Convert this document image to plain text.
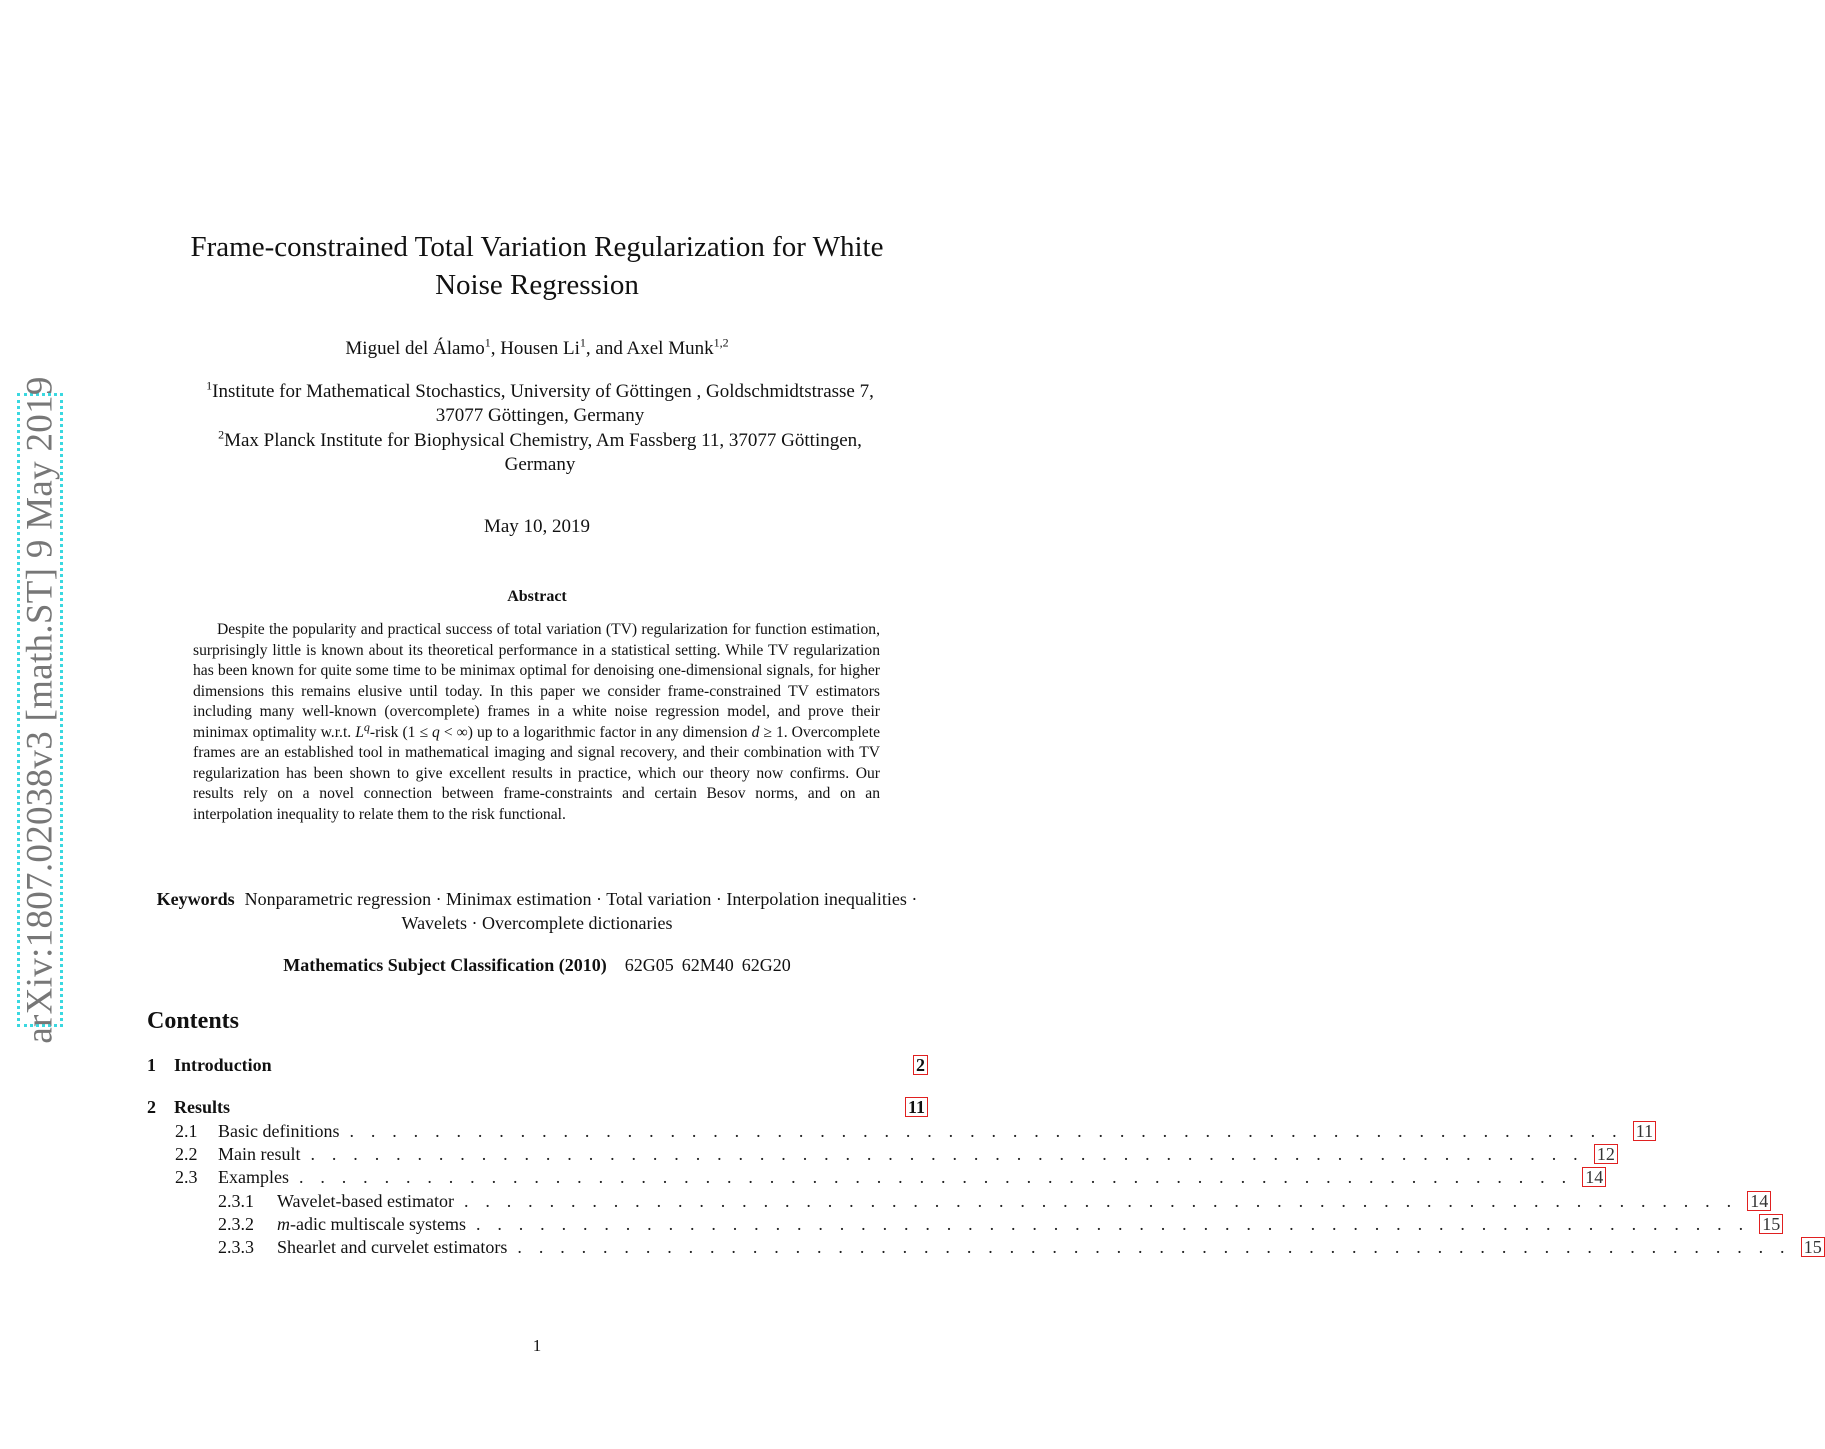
arXiv:1807.02038v3 [math.ST] 9 May 2019
Frame-constrained Total Variation Regularization for White
Noise Regression
Miguel del Álamo$^1$, Housen Li$^1$, and Axel Munk$^{1,2}$
$^1$Institute for Mathematical Stochastics, University of Göttingen , Goldschmidtstrasse 7,
37077 Göttingen, Germany
$^2$Max Planck Institute for Biophysical Chemistry, Am Fassberg 11, 37077 Göttingen,
Germany
May 10, 2019
Abstract

Despite the popularity and practical success of total variation (TV) regularization for function estimation, surprisingly little is known about its theoretical performance in a statistical setting. While TV regularization has been known for quite some time to be minimax optimal for denoising one-dimensional signals, for higher dimensions this remains elusive until today. In this paper we consider frame-constrained TV estimators including many well-known (overcomplete) frames in a white noise regression model, and prove their minimax optimality w.r.t. $L^q$-risk (1 ≤ q < ∞) up to a logarithmic factor in any dimension d ≥ 1. Overcomplete frames are an established tool in mathematical imaging and signal recovery, and their combination with TV regularization has been shown to give excellent results in practice, which our theory now confirms. Our results rely on a novel connection between frame-constraints and certain Besov norms, and on an interpolation inequality to relate them to the risk functional.

Keywords Nonparametric regression · Minimax estimation · Total variation · Interpolation inequalities · Wavelets · Overcomplete dictionaries
Mathematics Subject Classification (2010) 62G05 62M40 62G20
Contents
1	Introduction	2
2	Results	11
2.1	Basic definitions . . . . . . . . . . . . . . . . . . . . . . . . . . . . . . . . . . . . . . . . . . . . . . . . . . . . . . . . . . . . 11
2.2	Main result . . . . . . . . . . . . . . . . . . . . . . . . . . . . . . . . . . . . . . . . . . . . . . . . . . . . . . . . . . . . 12
2.3	Examples . . . . . . . . . . . . . . . . . . . . . . . . . . . . . . . . . . . . . . . . . . . . . . . . . . . . . . . . . . . . 14
2.3.1	Wavelet-based estimator . . . . . . . . . . . . . . . . . . . . . . . . . . . . . . . . . . . . . . . . . . . . . . . . . . . . . . . . . . . . 14
2.3.2	m-adic multiscale systems . . . . . . . . . . . . . . . . . . . . . . . . . . . . . . . . . . . . . . . . . . . . . . . . . . . . . . . . . . . . 15
2.3.3	Shearlet and curvelet estimators . . . . . . . . . . . . . . . . . . . . . . . . . . . . . . . . . . . . . . . . . . . . . . . . . . . . . . . . . . . . 15
1
